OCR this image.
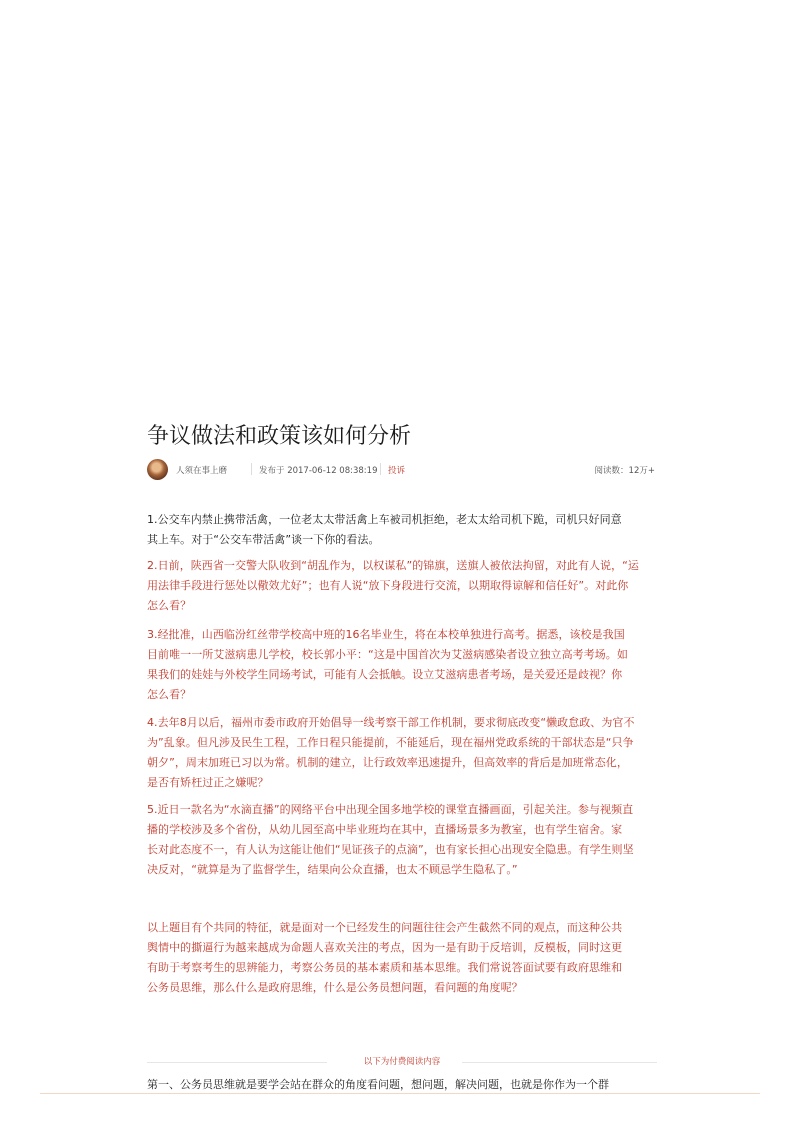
争议做法和政策该如何分析
人须在事上磨	发布于 2017-06-12 08:38:19 投诉	阅读数：12万+
1.公交车内禁止携带活禽，一位老太太带活禽上车被司机拒绝，老太太给司机下跪，司机只好同意
其上车。对于“公交车带活禽”谈一下你的看法。
2.日前，陕西省一交警大队收到“胡乱作为，以权谋私”的锦旗，送旗人被依法拘留，对此有人说，“运
用法律手段进行惩处以儆效尤好”；也有人说“放下身段进行交流，以期取得谅解和信任好”。对此你
怎么看？
3.经批准，山西临汾红丝带学校高中班的16名毕业生，将在本校单独进行高考。据悉，该校是我国
目前唯一一所艾滋病患儿学校，校长郭小平：“这是中国首次为艾滋病感染者设立独立高考考场。如
果我们的娃娃与外校学生同场考试，可能有人会抵触。设立艾滋病患者考场，是关爱还是歧视？你
怎么看？
4.去年8月以后，福州市委市政府开始倡导一线考察干部工作机制，要求彻底改变“懒政怠政、为官不
为”乱象。但凡涉及民生工程，工作日程只能提前，不能延后，现在福州党政系统的干部状态是“只争
朝夕”，周末加班已习以为常。机制的建立，让行政效率迅速提升，但高效率的背后是加班常态化，
是否有矫枉过正之嫌呢？
5.近日一款名为“水滴直播”的网络平台中出现全国多地学校的课堂直播画面，引起关注。参与视频直
播的学校涉及多个省份，从幼儿园至高中毕业班均在其中，直播场景多为教室，也有学生宿舍。家
长对此态度不一，有人认为这能让他们“见证孩子的点滴”，也有家长担心出现安全隐患。有学生则坚
决反对，“就算是为了监督学生，结果向公众直播，也太不顾忌学生隐私了。”
以上题目有个共同的特征，就是面对一个已经发生的问题往往会产生截然不同的观点，而这种公共
舆情中的撕逼行为越来越成为命题人喜欢关注的考点，因为一是有助于反培训，反模板，同时这更
有助于考察考生的思辨能力，考察公务员的基本素质和基本思维。我们常说答面试要有政府思维和
公务员思维，那么什么是政府思维，什么是公务员想问题，看问题的角度呢？
以下为付费阅读内容
第一、公务员思维就是要学会站在群众的角度看问题，想问题，解决问题，也就是你作为一个群
